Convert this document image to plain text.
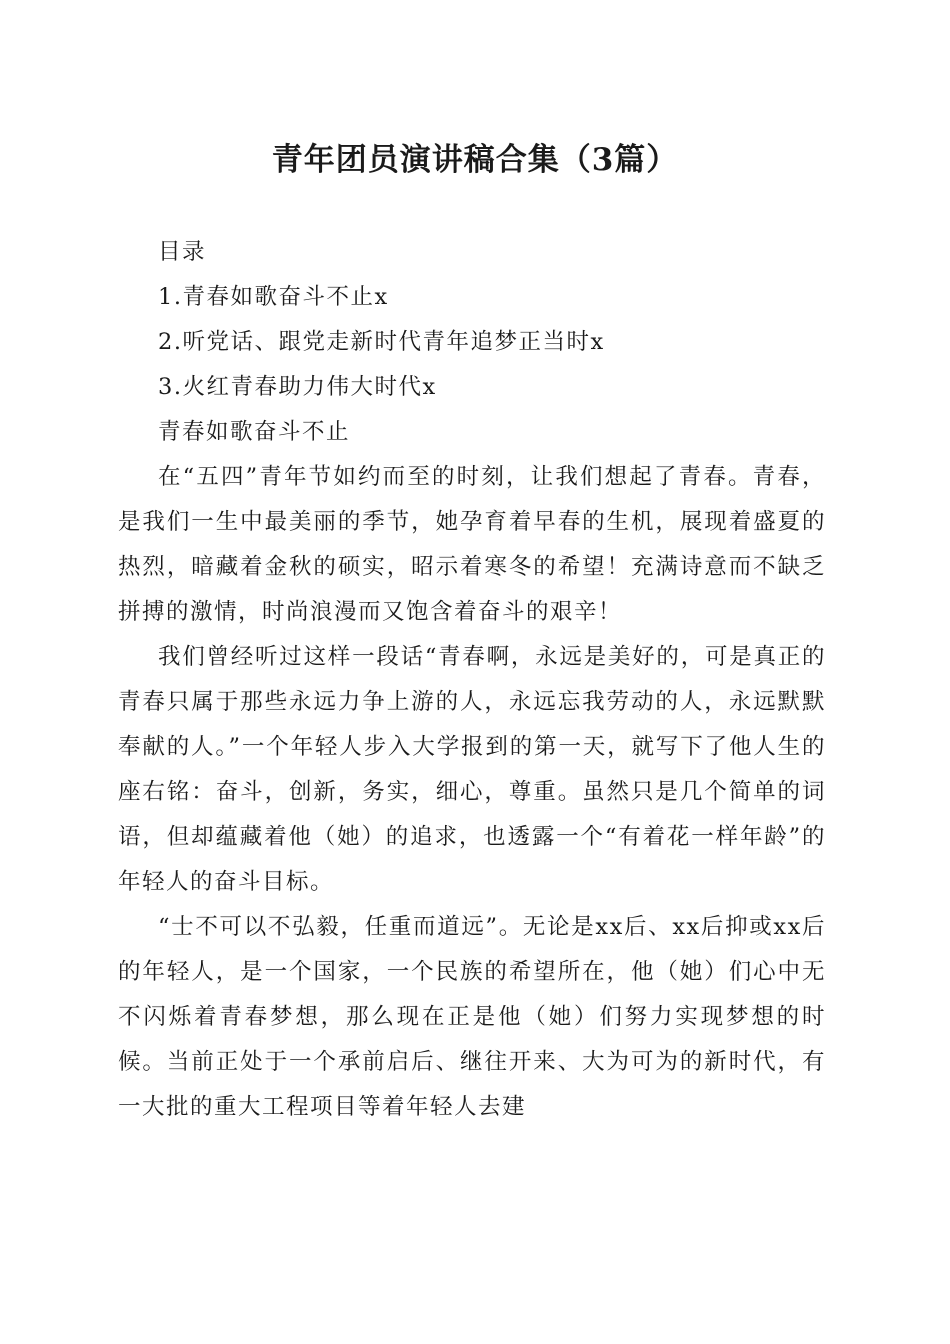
青年团员演讲稿合集（3篇）

目录

1.青春如歌奋斗不止x

2.听党话、跟党走新时代青年追梦正当时x

3.火红青春助力伟大时代x

青春如歌奋斗不止

在“五四”青年节如约而至的时刻，让我们想起了青春。青春，是我们一生中最美丽的季节，她孕育着早春的生机，展现着盛夏的热烈，暗藏着金秋的硕实，昭示着寒冬的希望！充满诗意而不缺乏拼搏的激情，时尚浪漫而又饱含着奋斗的艰辛！

我们曾经听过这样一段话“青春啊，永远是美好的，可是真正的青春只属于那些永远力争上游的人，永远忘我劳动的人，永远默默奉献的人。”一个年轻人步入大学报到的第一天，就写下了他人生的座右铭：奋斗，创新，务实，细心，尊重。虽然只是几个简单的词语，但却蕴藏着他（她）的追求，也透露一个“有着花一样年龄”的年轻人的奋斗目标。

“士不可以不弘毅，任重而道远”。无论是xx后、xx后抑或xx后的年轻人，是一个国家，一个民族的希望所在，他（她）们心中无不闪烁着青春梦想，那么现在正是他（她）们努力实现梦想的时候。当前正处于一个承前启后、继往开来、大为可为的新时代，有一大批的重大工程项目等着年轻人去建
